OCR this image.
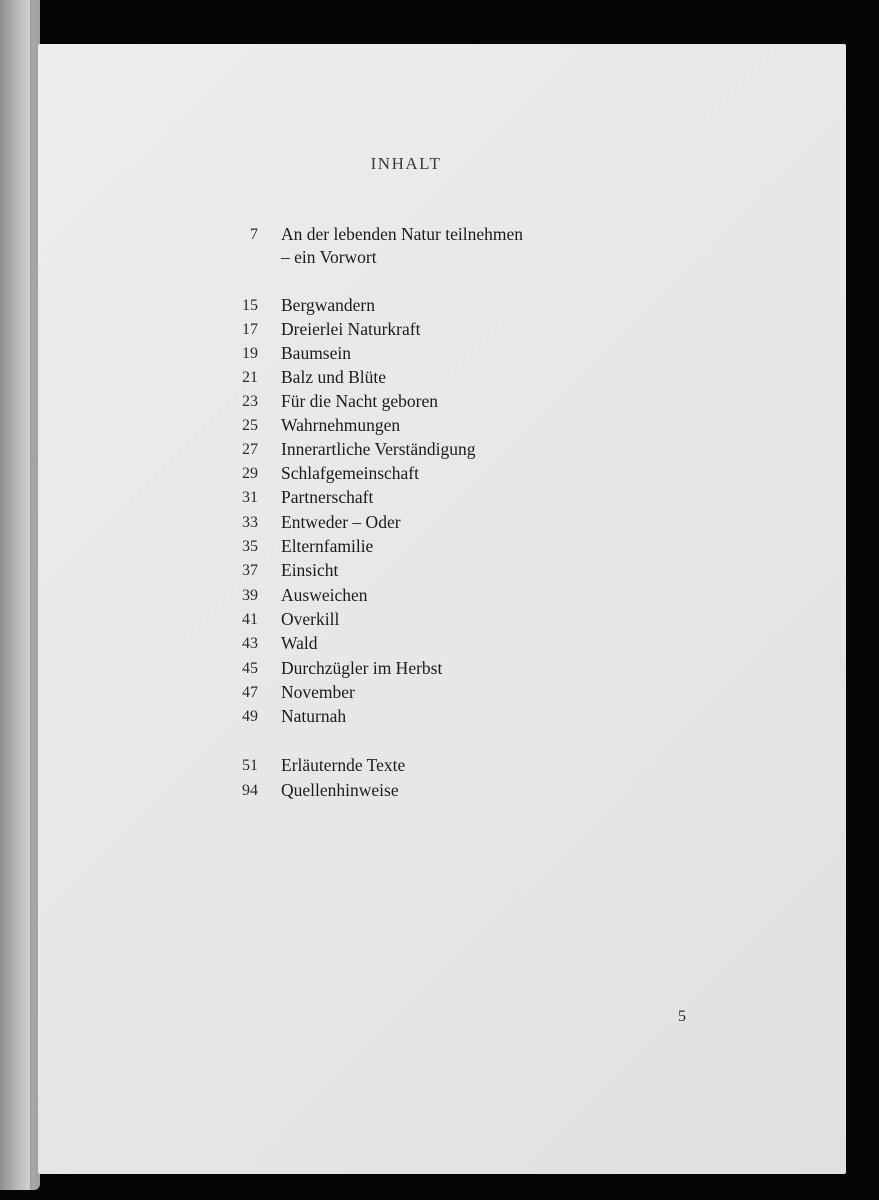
INHALT
7 An der lebenden Natur teilnehmen
– ein Vorwort
15 Bergwandern
17 Dreierlei Naturkraft
19 Baumsein
21 Balz und Blüte
23 Für die Nacht geboren
25 Wahrnehmungen
27 Innerartliche Verständigung
29 Schlafgemeinschaft
31 Partnerschaft
33 Entweder – Oder
35 Elternfamilie
37 Einsicht
39 Ausweichen
41 Overkill
43 Wald
45 Durchzügler im Herbst
47 November
49 Naturnah
51 Erläuternde Texte
94 Quellenhinweise
5
